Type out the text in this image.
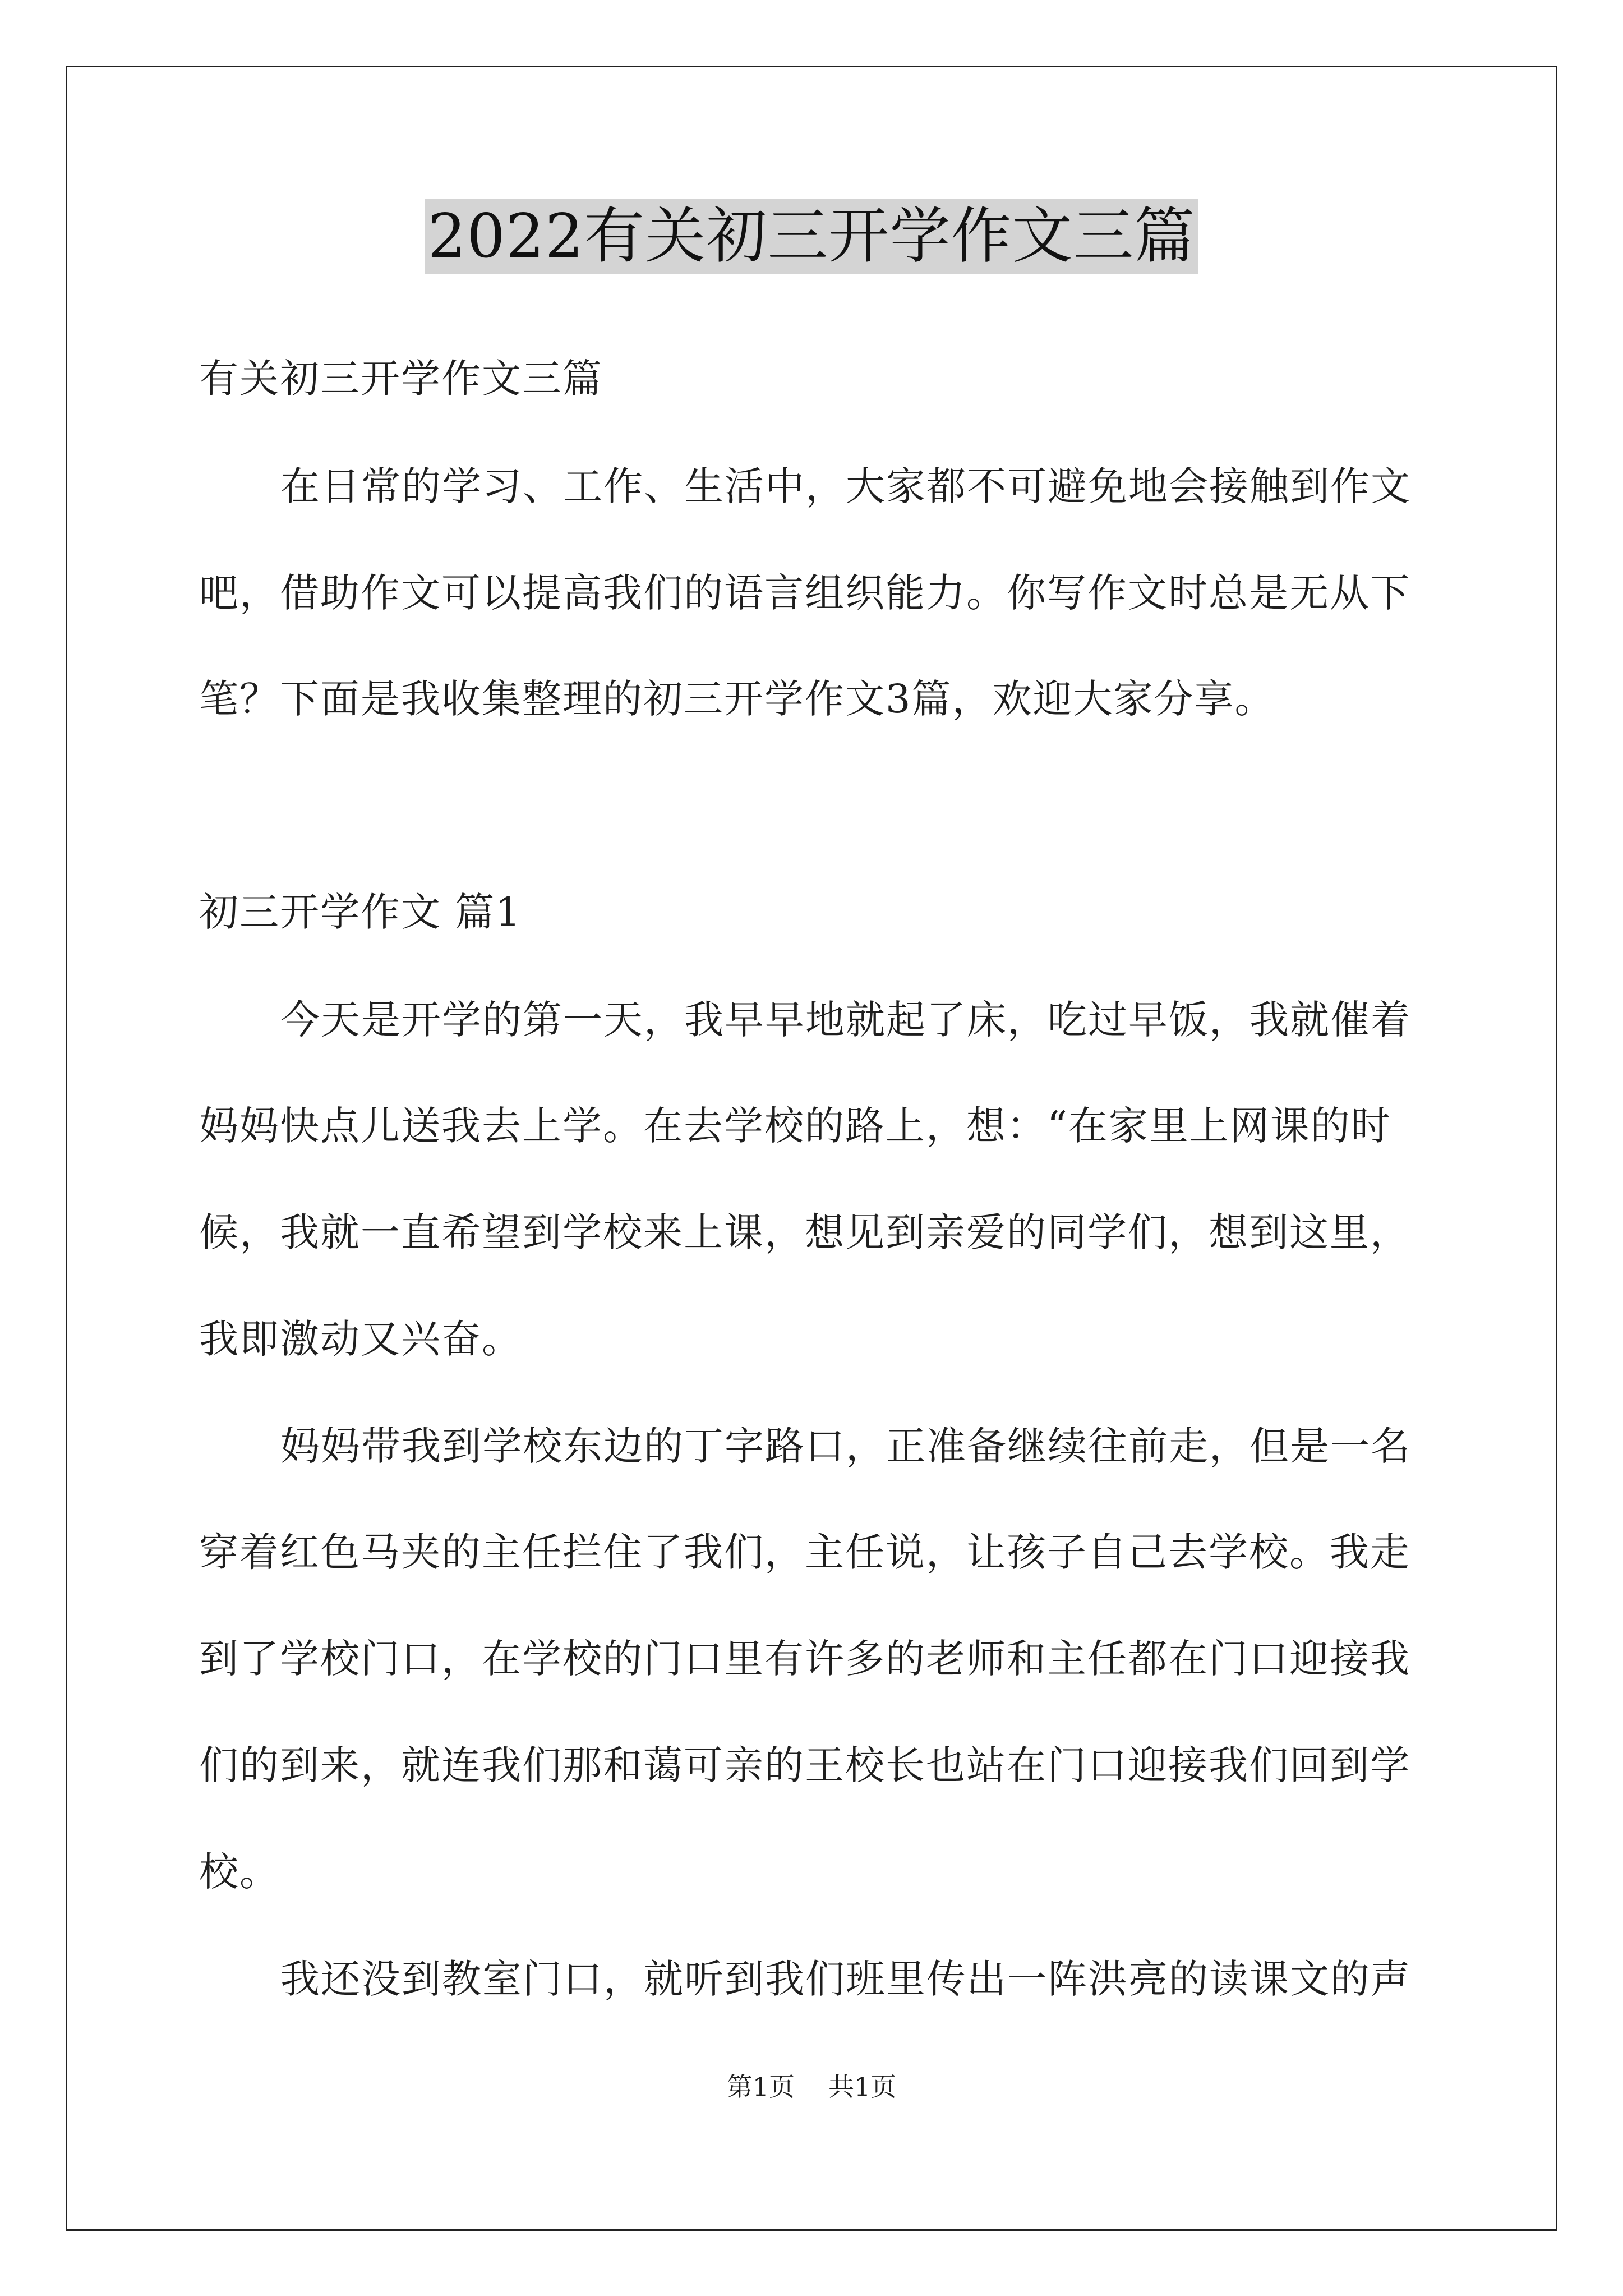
2022有关初三开学作文三篇
有关初三开学作文三篇
在日常的学习、工作、生活中，大家都不可避免地会接触到作文
吧，借助作文可以提高我们的语言组织能力。你写作文时总是无从下
笔？下面是我收集整理的初三开学作文3篇，欢迎大家分享。
初三开学作文 篇1
今天是开学的第一天，我早早地就起了床，吃过早饭，我就催着
妈妈快点儿送我去上学。在去学校的路上，想：“在家里上网课的时
候，我就一直希望到学校来上课，想见到亲爱的同学们，想到这里，
我即激动又兴奋。
妈妈带我到学校东边的丁字路口，正准备继续往前走，但是一名
穿着红色马夹的主任拦住了我们，主任说，让孩子自己去学校。我走
到了学校门口，在学校的门口里有许多的老师和主任都在门口迎接我
们的到来，就连我们那和蔼可亲的王校长也站在门口迎接我们回到学
校。
我还没到教室门口，就听到我们班里传出一阵洪亮的读课文的声
第1页 共1页
